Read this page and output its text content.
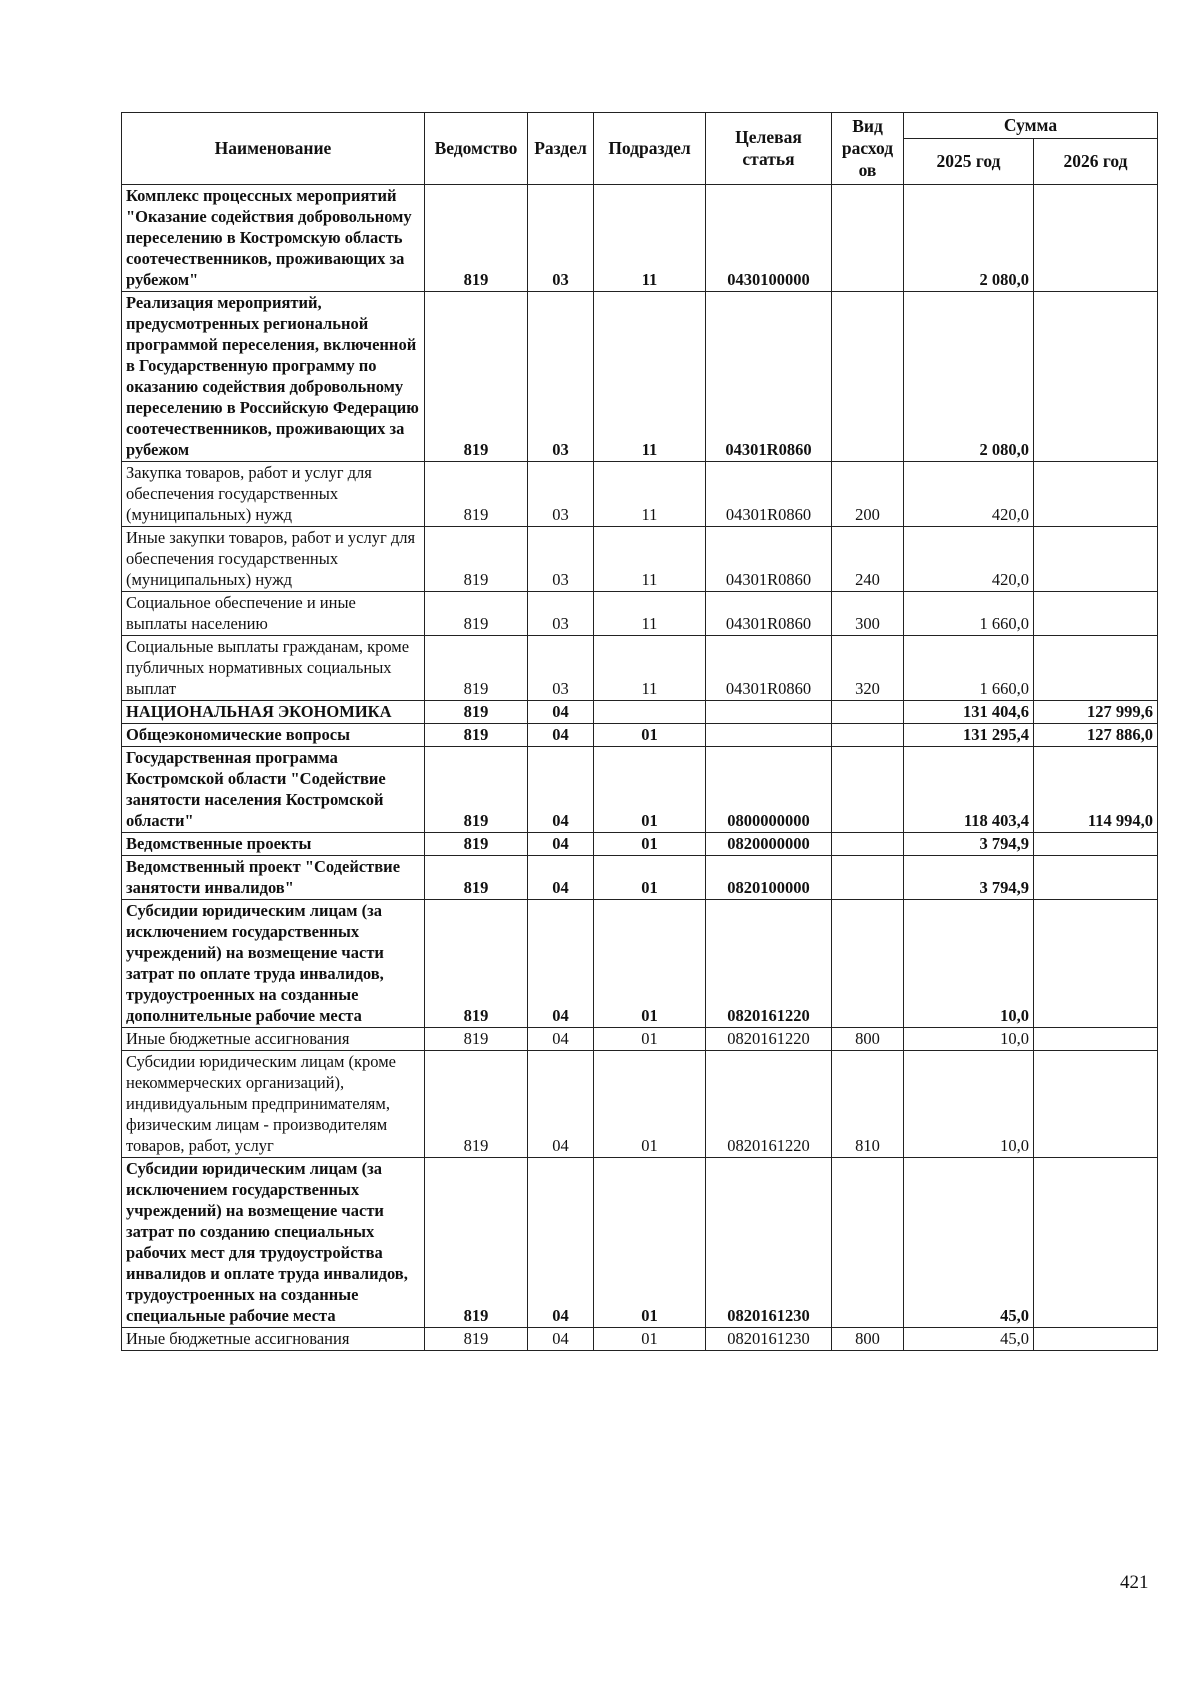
Наименование	Ведомство	Раздел	Подраздел	Целевая статья	Вид расход ов	Сумма	
						2025 год	2026 год
Комплекс процессных мероприятий "Оказание содействия добровольному переселению в Костромскую область соотечественников, проживающих за рубежом"	819	03	11	0430100000		2 080,0	
Реализация мероприятий, предусмотренных региональной программой переселения, включенной в Государственную программу по оказанию содействия добровольному переселению в Российскую Федерацию соотечественников, проживающих за рубежом	819	03	11	04301R0860		2 080,0	
Закупка товаров, работ и услуг для обеспечения государственных (муниципальных) нужд	819	03	11	04301R0860	200	420,0	
Иные закупки товаров, работ и услуг для обеспечения государственных (муниципальных) нужд	819	03	11	04301R0860	240	420,0	
Социальное обеспечение и иные выплаты населению	819	03	11	04301R0860	300	1 660,0	
Социальные выплаты гражданам, кроме публичных нормативных социальных выплат	819	03	11	04301R0860	320	1 660,0	
НАЦИОНАЛЬНАЯ ЭКОНОМИКА	819	04				131 404,6	127 999,6
Общеэкономические вопросы	819	04	01			131 295,4	127 886,0
Государственная программа Костромской области "Содействие занятости населения Костромской области"	819	04	01	0800000000		118 403,4	114 994,0
Ведомственные проекты	819	04	01	0820000000		3 794,9	
Ведомственный проект "Содействие занятости инвалидов"	819	04	01	0820100000		3 794,9	
Субсидии юридическим лицам (за исключением государственных учреждений) на возмещение части затрат по оплате труда инвалидов, трудоустроенных на созданные дополнительные рабочие места	819	04	01	0820161220		10,0	
Иные бюджетные ассигнования	819	04	01	0820161220	800	10,0	
Субсидии юридическим лицам (кроме некоммерческих организаций), индивидуальным предпринимателям, физическим лицам - производителям товаров, работ, услуг	819	04	01	0820161220	810	10,0	
Субсидии юридическим лицам (за исключением государственных учреждений) на возмещение части затрат по созданию специальных рабочих мест для трудоустройства инвалидов и оплате труда инвалидов, трудоустроенных на созданные специальные рабочие места	819	04	01	0820161230		45,0	
Иные бюджетные ассигнования	819	04	01	0820161230	800	45,0	
421
